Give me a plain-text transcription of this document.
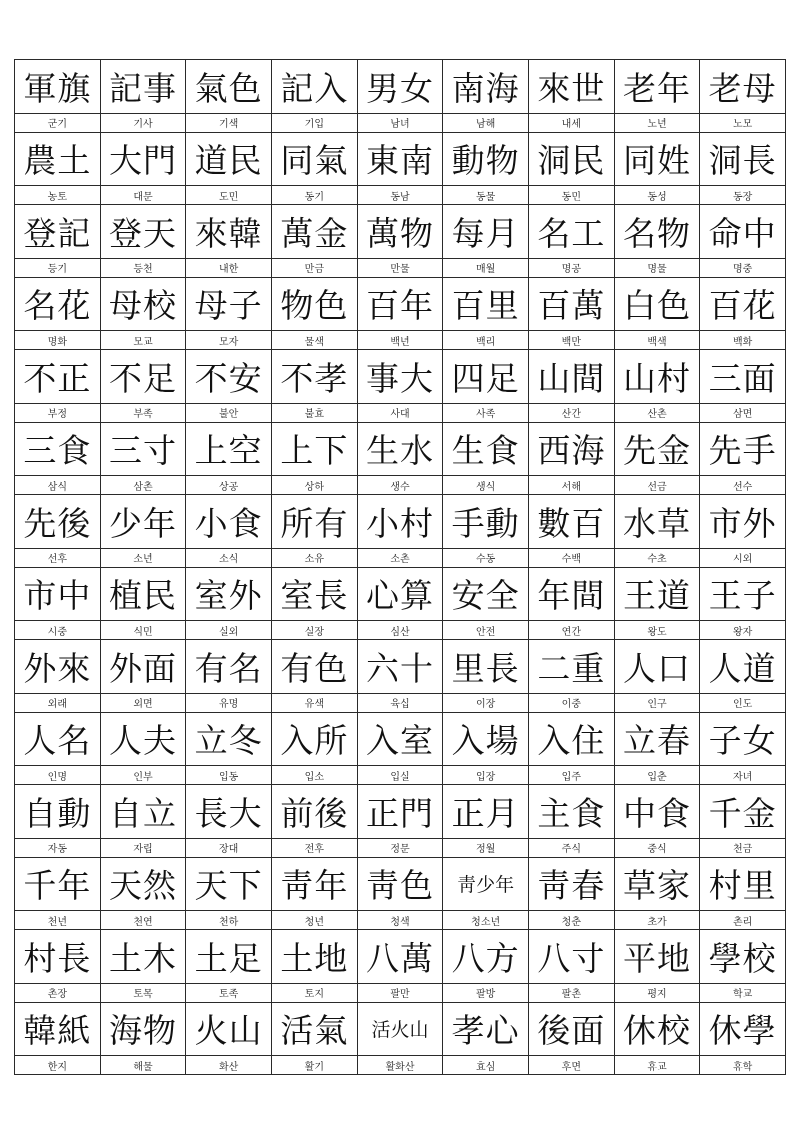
軍旗
군기
記事
기사
氣色
기색
記入
기입
男女
남녀
南海
남해
來世
내세
老年
노년
老母
노모
農土
농토
大門
대문
道民
도민
同氣
동기
東南
동남
動物
동물
洞民
동민
同姓
동성
洞長
동장
登記
등기
登天
등천
來韓
내한
萬金
만금
萬物
만물
每月
매월
名工
명공
名物
명물
命中
명중
名花
명화
母校
모교
母子
모자
物色
물색
百年
백년
百里
백리
百萬
백만
白色
백색
百花
백화
不正
부정
不足
부족
不安
불안
不孝
불효
事大
사대
四足
사족
山間
산간
山村
산촌
三面
삼면
三食
삼식
三寸
삼촌
上空
상공
上下
상하
生水
생수
生食
생식
西海
서해
先金
선금
先手
선수
先後
선후
少年
소년
小食
소식
所有
소유
小村
소촌
手動
수동
數百
수백
水草
수초
市外
시외
市中
시중
植民
식민
室外
실외
室長
실장
心算
심산
安全
안전
年間
연간
王道
왕도
王子
왕자
外來
외래
外面
외면
有名
유명
有色
유색
六十
육십
里長
이장
二重
이중
人口
인구
人道
인도
人名
인명
人夫
인부
立冬
입동
入所
입소
入室
입실
入場
입장
入住
입주
立春
입춘
子女
자녀
自動
자동
自立
자립
長大
장대
前後
전후
正門
정문
正月
정월
主食
주식
中食
중식
千金
천금
千年
천년
天然
천연
天下
천하
靑年
청년
靑色
청색
靑少年
청소년
靑春
청춘
草家
초가
村里
촌리
村長
촌장
土木
토목
土足
토족
土地
토지
八萬
팔만
八方
팔방
八寸
팔촌
平地
평지
學校
학교
韓紙
한지
海物
해물
火山
화산
活氣
활기
活火山
활화산
孝心
효심
後面
후면
休校
휴교
休學
휴학
